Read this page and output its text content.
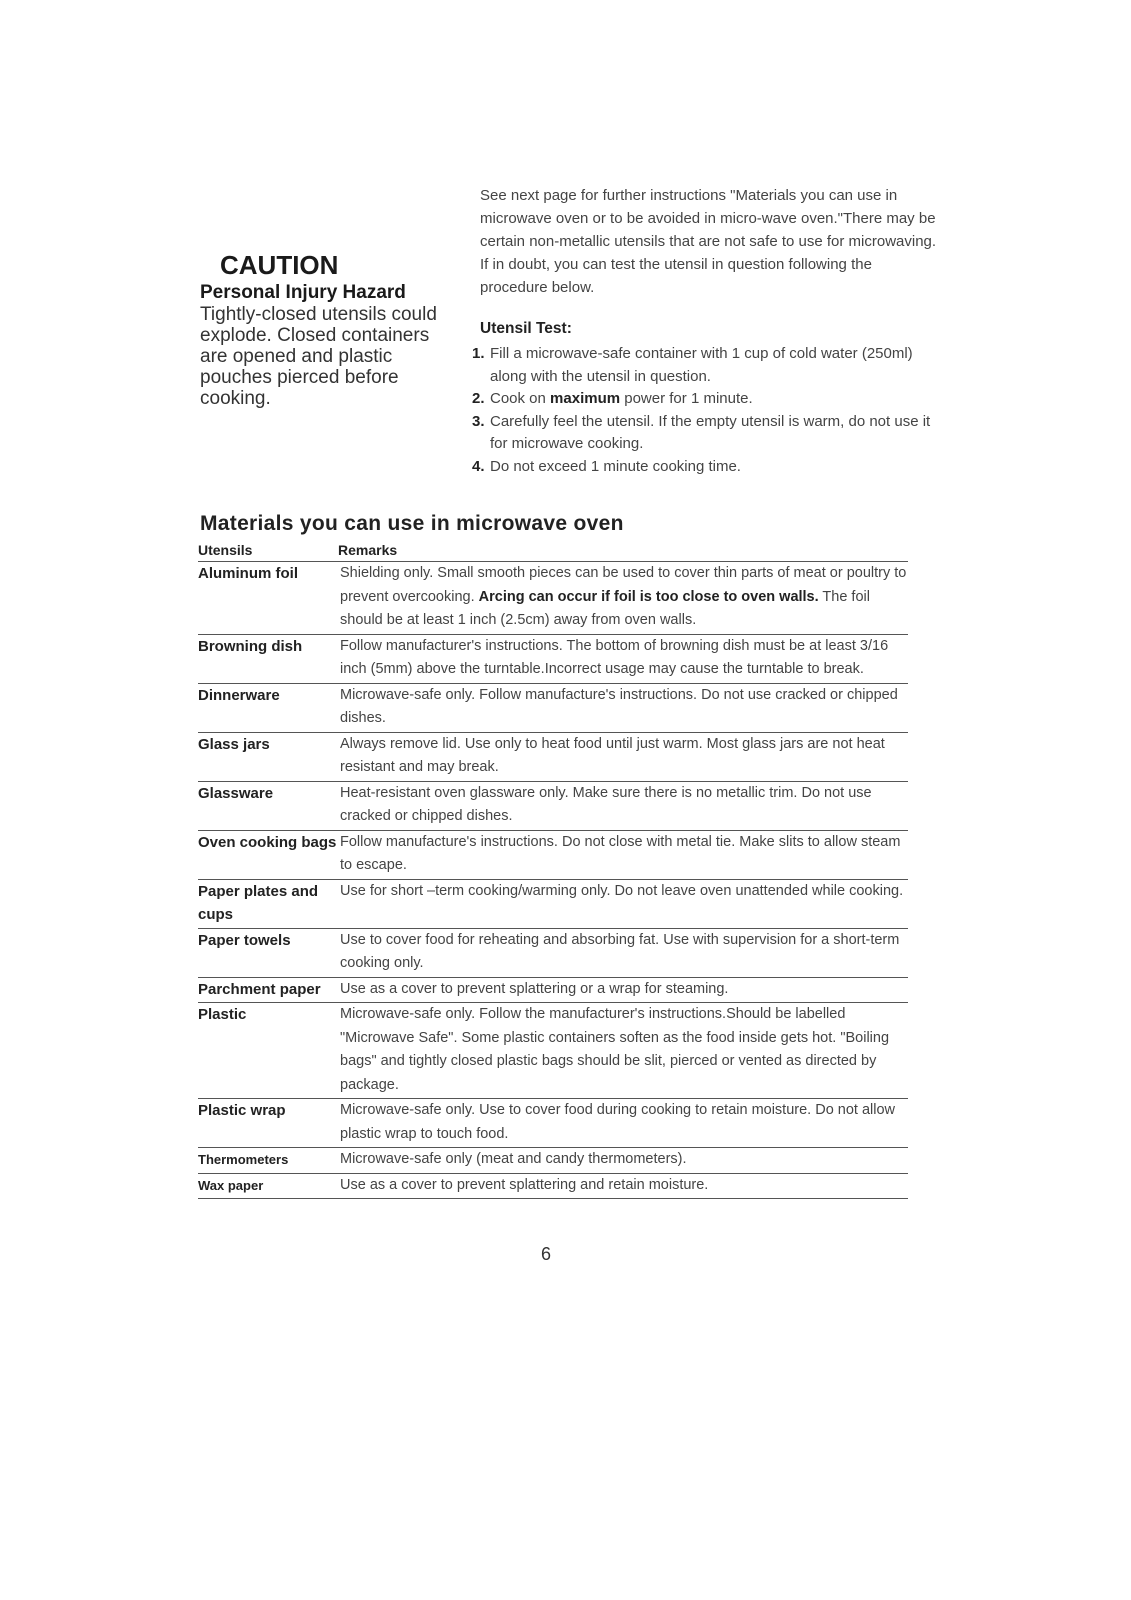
CAUTION
Personal Injury Hazard
Tightly-closed utensils could explode. Closed containers are opened and plastic pouches pierced before cooking.

See next page for further instructions "Materials you can use in microwave oven or to be avoided in micro-wave oven."There may be certain non-metallic utensils that are not safe to use for microwaving. If in doubt, you can test the utensil in question following the procedure below.

Utensil Test:
1. Fill a microwave-safe container with 1 cup of cold water (250ml) along with the utensil in question.
2. Cook on maximum power for 1 minute.
3. Carefully feel the utensil. If the empty utensil is warm, do not use it for microwave cooking.
4. Do not exceed 1 minute cooking time.
Materials you can use in microwave oven
Utensils	Remarks
Aluminum foil	Shielding only. Small smooth pieces can be used to cover thin parts of meat or poultry to prevent overcooking. Arcing can occur if foil is too close to oven walls. The foil should be at least 1 inch (2.5cm) away from oven walls.
Browning dish	Follow manufacturer's instructions. The bottom of browning dish must be at least 3/16 inch (5mm) above the turntable.Incorrect usage may cause the turntable to break.
Dinnerware	Microwave-safe only. Follow manufacture's instructions. Do not use cracked or chipped dishes.
Glass jars	Always remove lid. Use only to heat food until just warm. Most glass jars are not heat resistant and may break.
Glassware	Heat-resistant oven glassware only. Make sure there is no metallic trim. Do not use cracked or chipped dishes.
Oven cooking bags	Follow manufacture's instructions. Do not close with metal tie. Make slits to allow steam to escape.
Paper plates and cups	Use for short –term cooking/warming only. Do not leave oven unattended while cooking.
Paper towels	Use to cover food for reheating and absorbing fat. Use with supervision for a short-term cooking only.
Parchment paper	Use as a cover to prevent splattering or a wrap for steaming.
Plastic	Microwave-safe only. Follow the manufacturer's instructions.Should be labelled "Microwave Safe". Some plastic containers soften as the food inside gets hot. "Boiling bags" and tightly closed plastic bags should be slit, pierced or vented as directed by package.
Plastic wrap	Microwave-safe only. Use to cover food during cooking to retain moisture. Do not allow plastic wrap to touch food.
Thermometers	Microwave-safe only (meat and candy thermometers).
Wax paper	Use as a cover to prevent splattering and retain moisture.
6
